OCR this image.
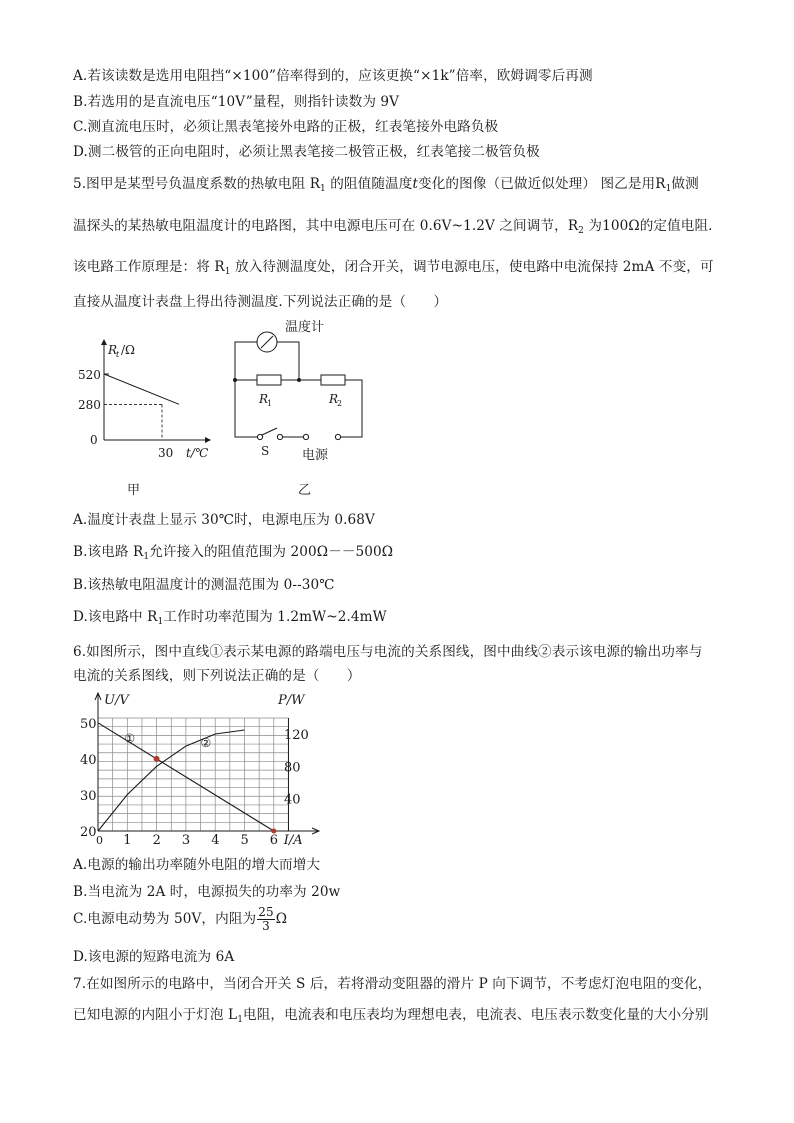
A.若该读数是选用电阻挡“×100”倍率得到的，应该更换“×1k”倍率，欧姆调零后再测
B.若选用的是直流电压“10V”量程，则指针读数为 9V
C.测直流电压时，必须让黑表笔接外电路的正极，红表笔接外电路负极
D.测二极管的正向电阻时，必须让黑表笔接二极管正极，红表笔接二极管负极
5.图甲是某型号负温度系数的热敏电阻 $R_1$ 的阻值随温度t变化的图像（已做近似处理） 图乙是用$R_1$做测
温探头的某热敏电阻温度计的电路图，其中电源电压可在 0.6V~1.2V 之间调节，$R_2$ 为100Ω的定值电阻.
该电路工作原理是：将 $R_1$ 放入待测温度处，闭合开关，调节电源电压，使电路中电流保持 2mA 不变，可
直接从温度计表盘上得出待测温度.下列说法正确的是（　　）
R
t /Ω
520
280
0
30 t/℃
甲
温度计
R
1	R
2
S	电源
乙
A.温度计表盘上显示 30℃时，电源电压为 0.68V
B.该电路 $R_1$允许接入的阻值范围为 200Ω－－500Ω
B.该热敏电阻温度计的测温范围为 0--30℃
D.该电路中 $R_1$工作时功率范围为 1.2mW~2.4mW
6.如图所示，图中直线①表示某电源的路端电压与电流的关系图线，图中曲线②表示该电源的输出功率与
电流的关系图线，则下列说法正确的是（　　）
U/V	P/W
20
30
40
50
40
80
120
1 2 3 4 5 6
0	I/A
①	②
A.电源的输出功率随外电阻的增大而增大
B.当电流为 2A 时，电源损失的功率为 20w
C.电源电动势为 50V，内阻为 $\frac{25}{3}$ Ω
D.该电源的短路电流为 6A
7.在如图所示的电路中，当闭合开关 S 后，若将滑动变阻器的滑片 P 向下调节，不考虑灯泡电阻的变化，
已知电源的内阻小于灯泡 $L_1$电阻，电流表和电压表均为理想电表，电流表、电压表示数变化量的大小分别
